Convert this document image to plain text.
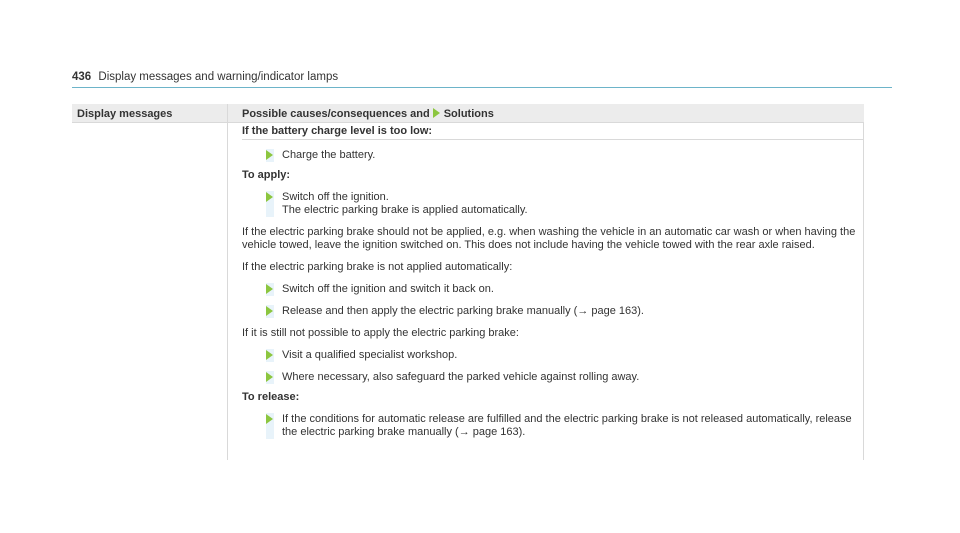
436 Display messages and warning/indicator lamps
Display messages	Possible causes/consequences and Solutions
If the battery charge level is too low:
Charge the battery.
To apply:
Switch off the ignition.
The electric parking brake is applied automatically.
If the electric parking brake should not be applied, e.g. when washing the vehicle in an automatic car wash or when having the vehicle towed, leave the ignition switched on. This does not include having the vehicle towed with the rear axle raised.
If the electric parking brake is not applied automatically:
Switch off the ignition and switch it back on.
Release and then apply the electric parking brake manually (→ page 163).
If it is still not possible to apply the electric parking brake:
Visit a qualified specialist workshop.
Where necessary, also safeguard the parked vehicle against rolling away.
To release:
If the conditions for automatic release are fulfilled and the electric parking brake is not released automatically, release the electric parking brake manually (→ page 163).
